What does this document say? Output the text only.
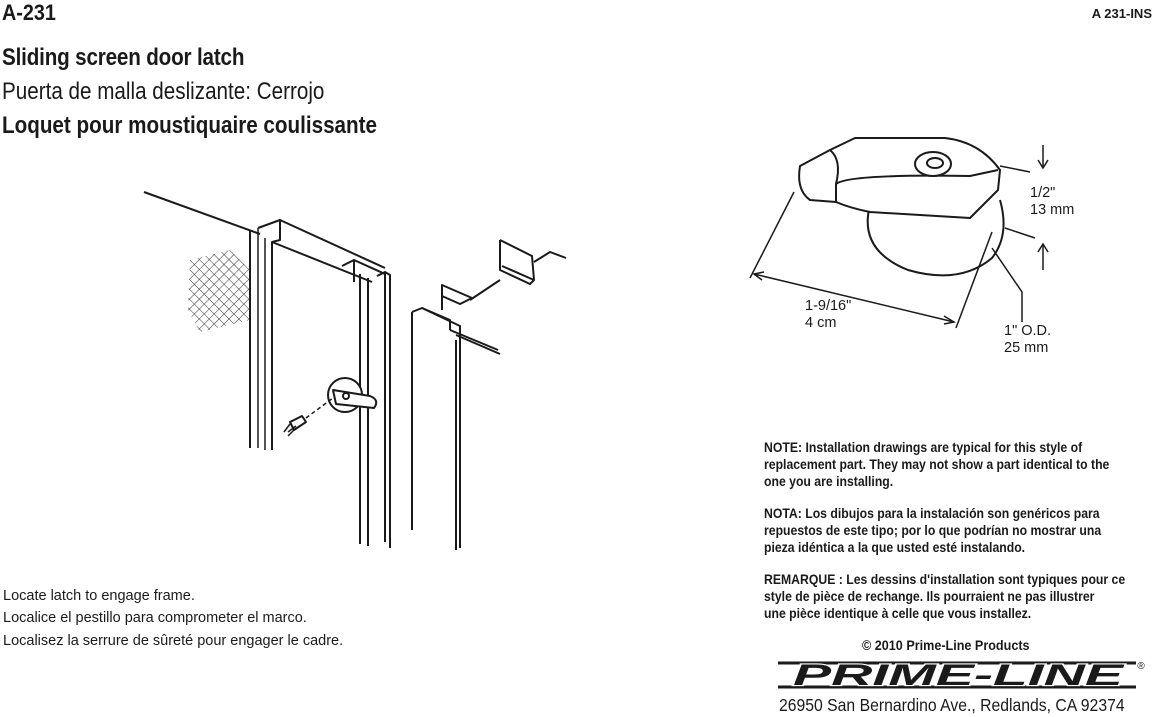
A-231	A 231-INS
Sliding screen door latch
Puerta de malla deslizante: Cerrojo
Loquet pour moustiquaire coulissante
1/2"
13 mm
1-9/16"
4 cm	1" O.D.
25 mm
Locate latch to engage frame.
Localice el pestillo para comprometer el marco.
Localisez la serrure de sûreté pour engager le cadre.
NOTE: Installation drawings are typical for this style of
replacement part. They may not show a part identical to the
one you are installing.
NOTA: Los dibujos para la instalación son genéricos para
repuestos de este tipo; por lo que podrían no mostrar una
pieza idéntica a la que usted esté instalando.
REMARQUE : Les dessins d'installation sont typiques pour ce
style de pièce de rechange. Ils pourraient ne pas illustrer
une pièce identique à celle que vous installez.
© 2010 Prime-Line Products
PRIME-LINE ®
26950 San Bernardino Ave., Redlands, CA 92374
